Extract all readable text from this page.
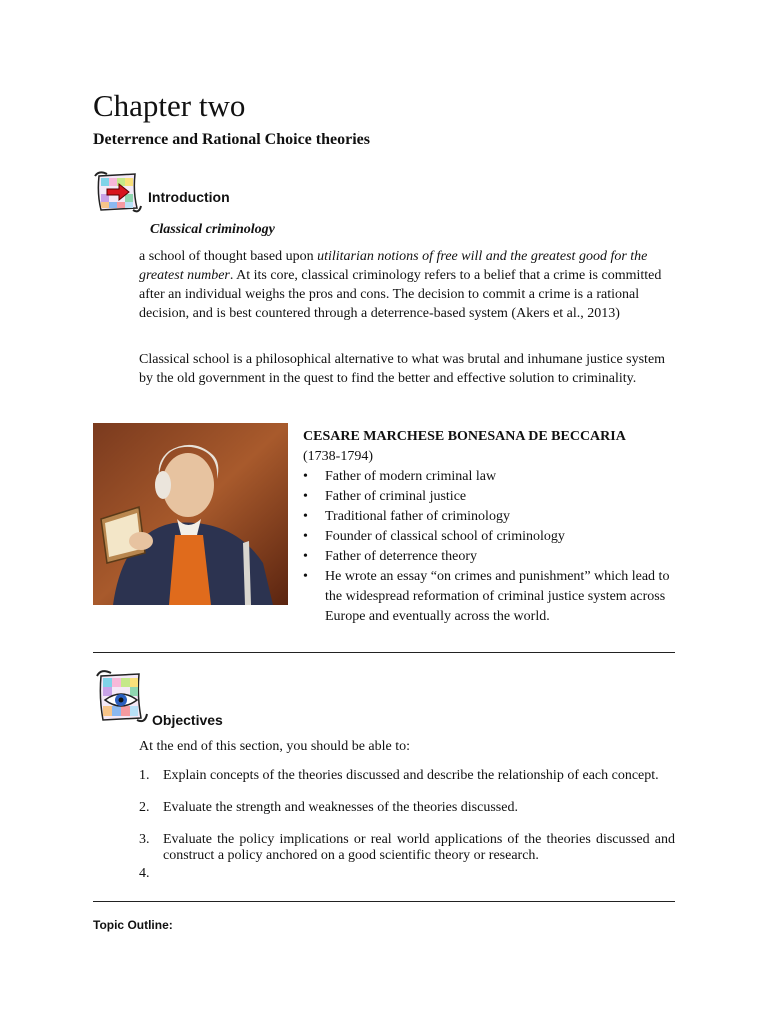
Chapter two
Deterrence and Rational Choice theories
Introduction
Classical criminology
a school of thought based upon utilitarian notions of free will and the greatest good for the greatest number. At its core, classical criminology refers to a belief that a crime is committed after an individual weighs the pros and cons. The decision to commit a crime is a rational decision, and is best countered through a deterrence-based system (Akers et al., 2013)
Classical school is a philosophical alternative to what was brutal and inhumane justice system by the old government in the quest to find the better and effective solution to criminality.
CESARE MARCHESE BONESANA DE BECCARIA
(1738-1794)
• Father of modern criminal law
• Father of criminal justice
• Traditional father of criminology
• Founder of classical school of criminology
• Father of deterrence theory
• He wrote an essay “on crimes and punishment” which lead to the widespread reformation of criminal justice system across Europe and eventually across the world.
Objectives
At the end of this section, you should be able to:
1. Explain concepts of the theories discussed and describe the relationship of each concept.
2. Evaluate the strength and weaknesses of the theories discussed.
3. Evaluate the policy implications or real world applications of the theories discussed and construct a policy anchored on a good scientific theory or research.
4.
Topic Outline:
